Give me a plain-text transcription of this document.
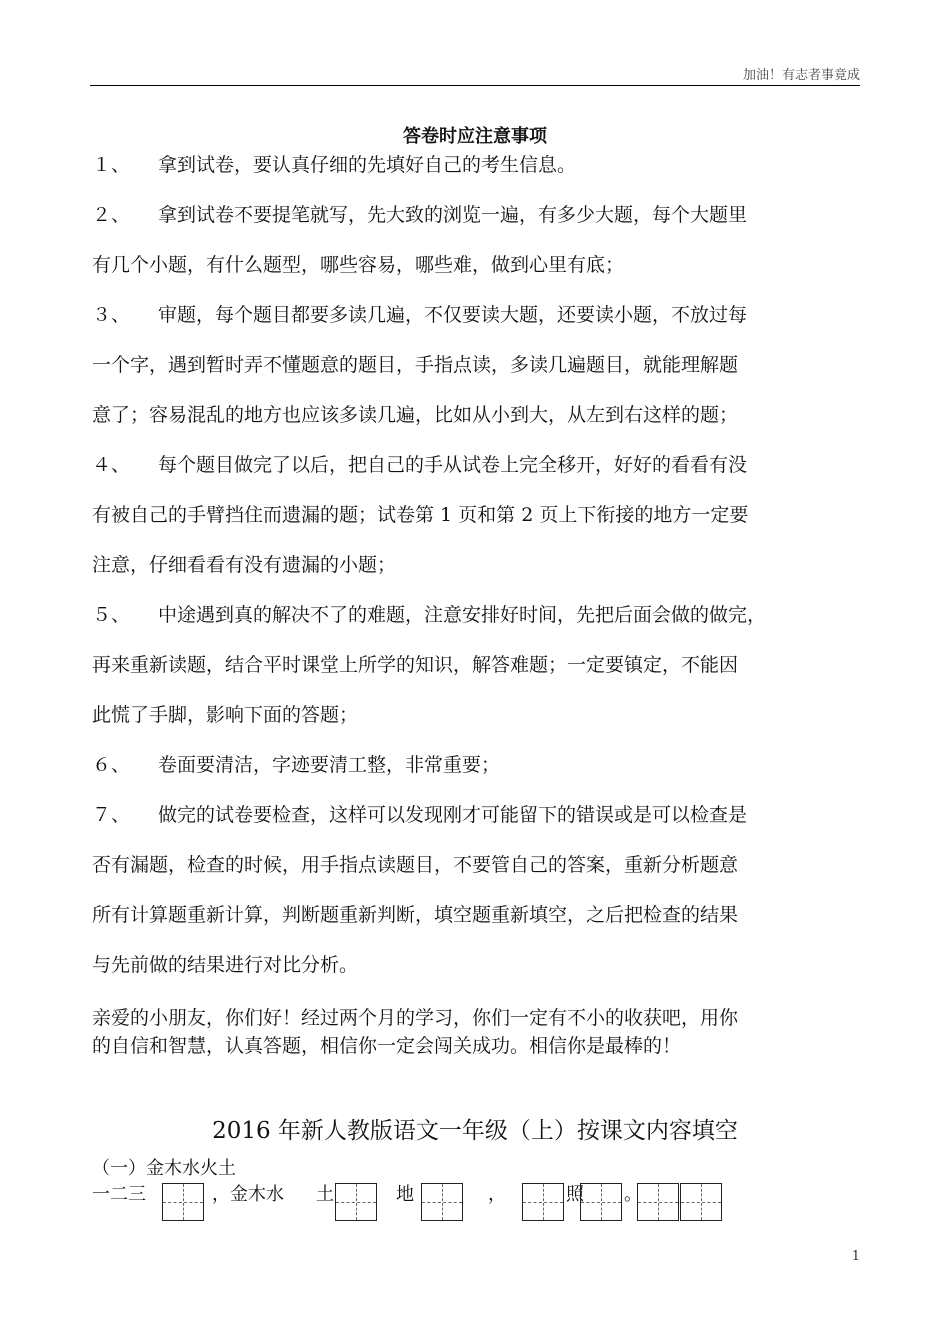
加油！有志者事竟成
答卷时应注意事项
１、 拿到试卷，要认真仔细的先填好自己的考生信息。
２、 拿到试卷不要提笔就写，先大致的浏览一遍，有多少大题，每个大题里
有几个小题，有什么题型，哪些容易，哪些难，做到心里有底；
３、 审题，每个题目都要多读几遍，不仅要读大题，还要读小题，不放过每
一个字，遇到暂时弄不懂题意的题目，手指点读，多读几遍题目，就能理解题
意了；容易混乱的地方也应该多读几遍，比如从小到大，从左到右这样的题；
４、 每个题目做完了以后，把自己的手从试卷上完全移开，好好的看看有没
有被自己的手臂挡住而遗漏的题；试卷第 1 页和第 2 页上下衔接的地方一定要
注意，仔细看看有没有遗漏的小题；
５、 中途遇到真的解决不了的难题，注意安排好时间，先把后面会做的做完，
再来重新读题，结合平时课堂上所学的知识，解答难题；一定要镇定，不能因
此慌了手脚，影响下面的答题；
６、 卷面要清洁，字迹要清工整，非常重要；
７、 做完的试卷要检查，这样可以发现刚才可能留下的错误或是可以检查是
否有漏题，检查的时候，用手指点读题目，不要管自己的答案，重新分析题意
所有计算题重新计算，判断题重新判断，填空题重新填空，之后把检查的结果
与先前做的结果进行对比分析。
亲爱的小朋友，你们好！经过两个月的学习，你们一定有不小的收获吧，用你
的自信和智慧，认真答题，相信你一定会闯关成功。相信你是最棒的！
2016 年新人教版语文一年级（上）按课文内容填空
（一）金木水火土
一二三	，金木水 土	地	，	照 。
1
